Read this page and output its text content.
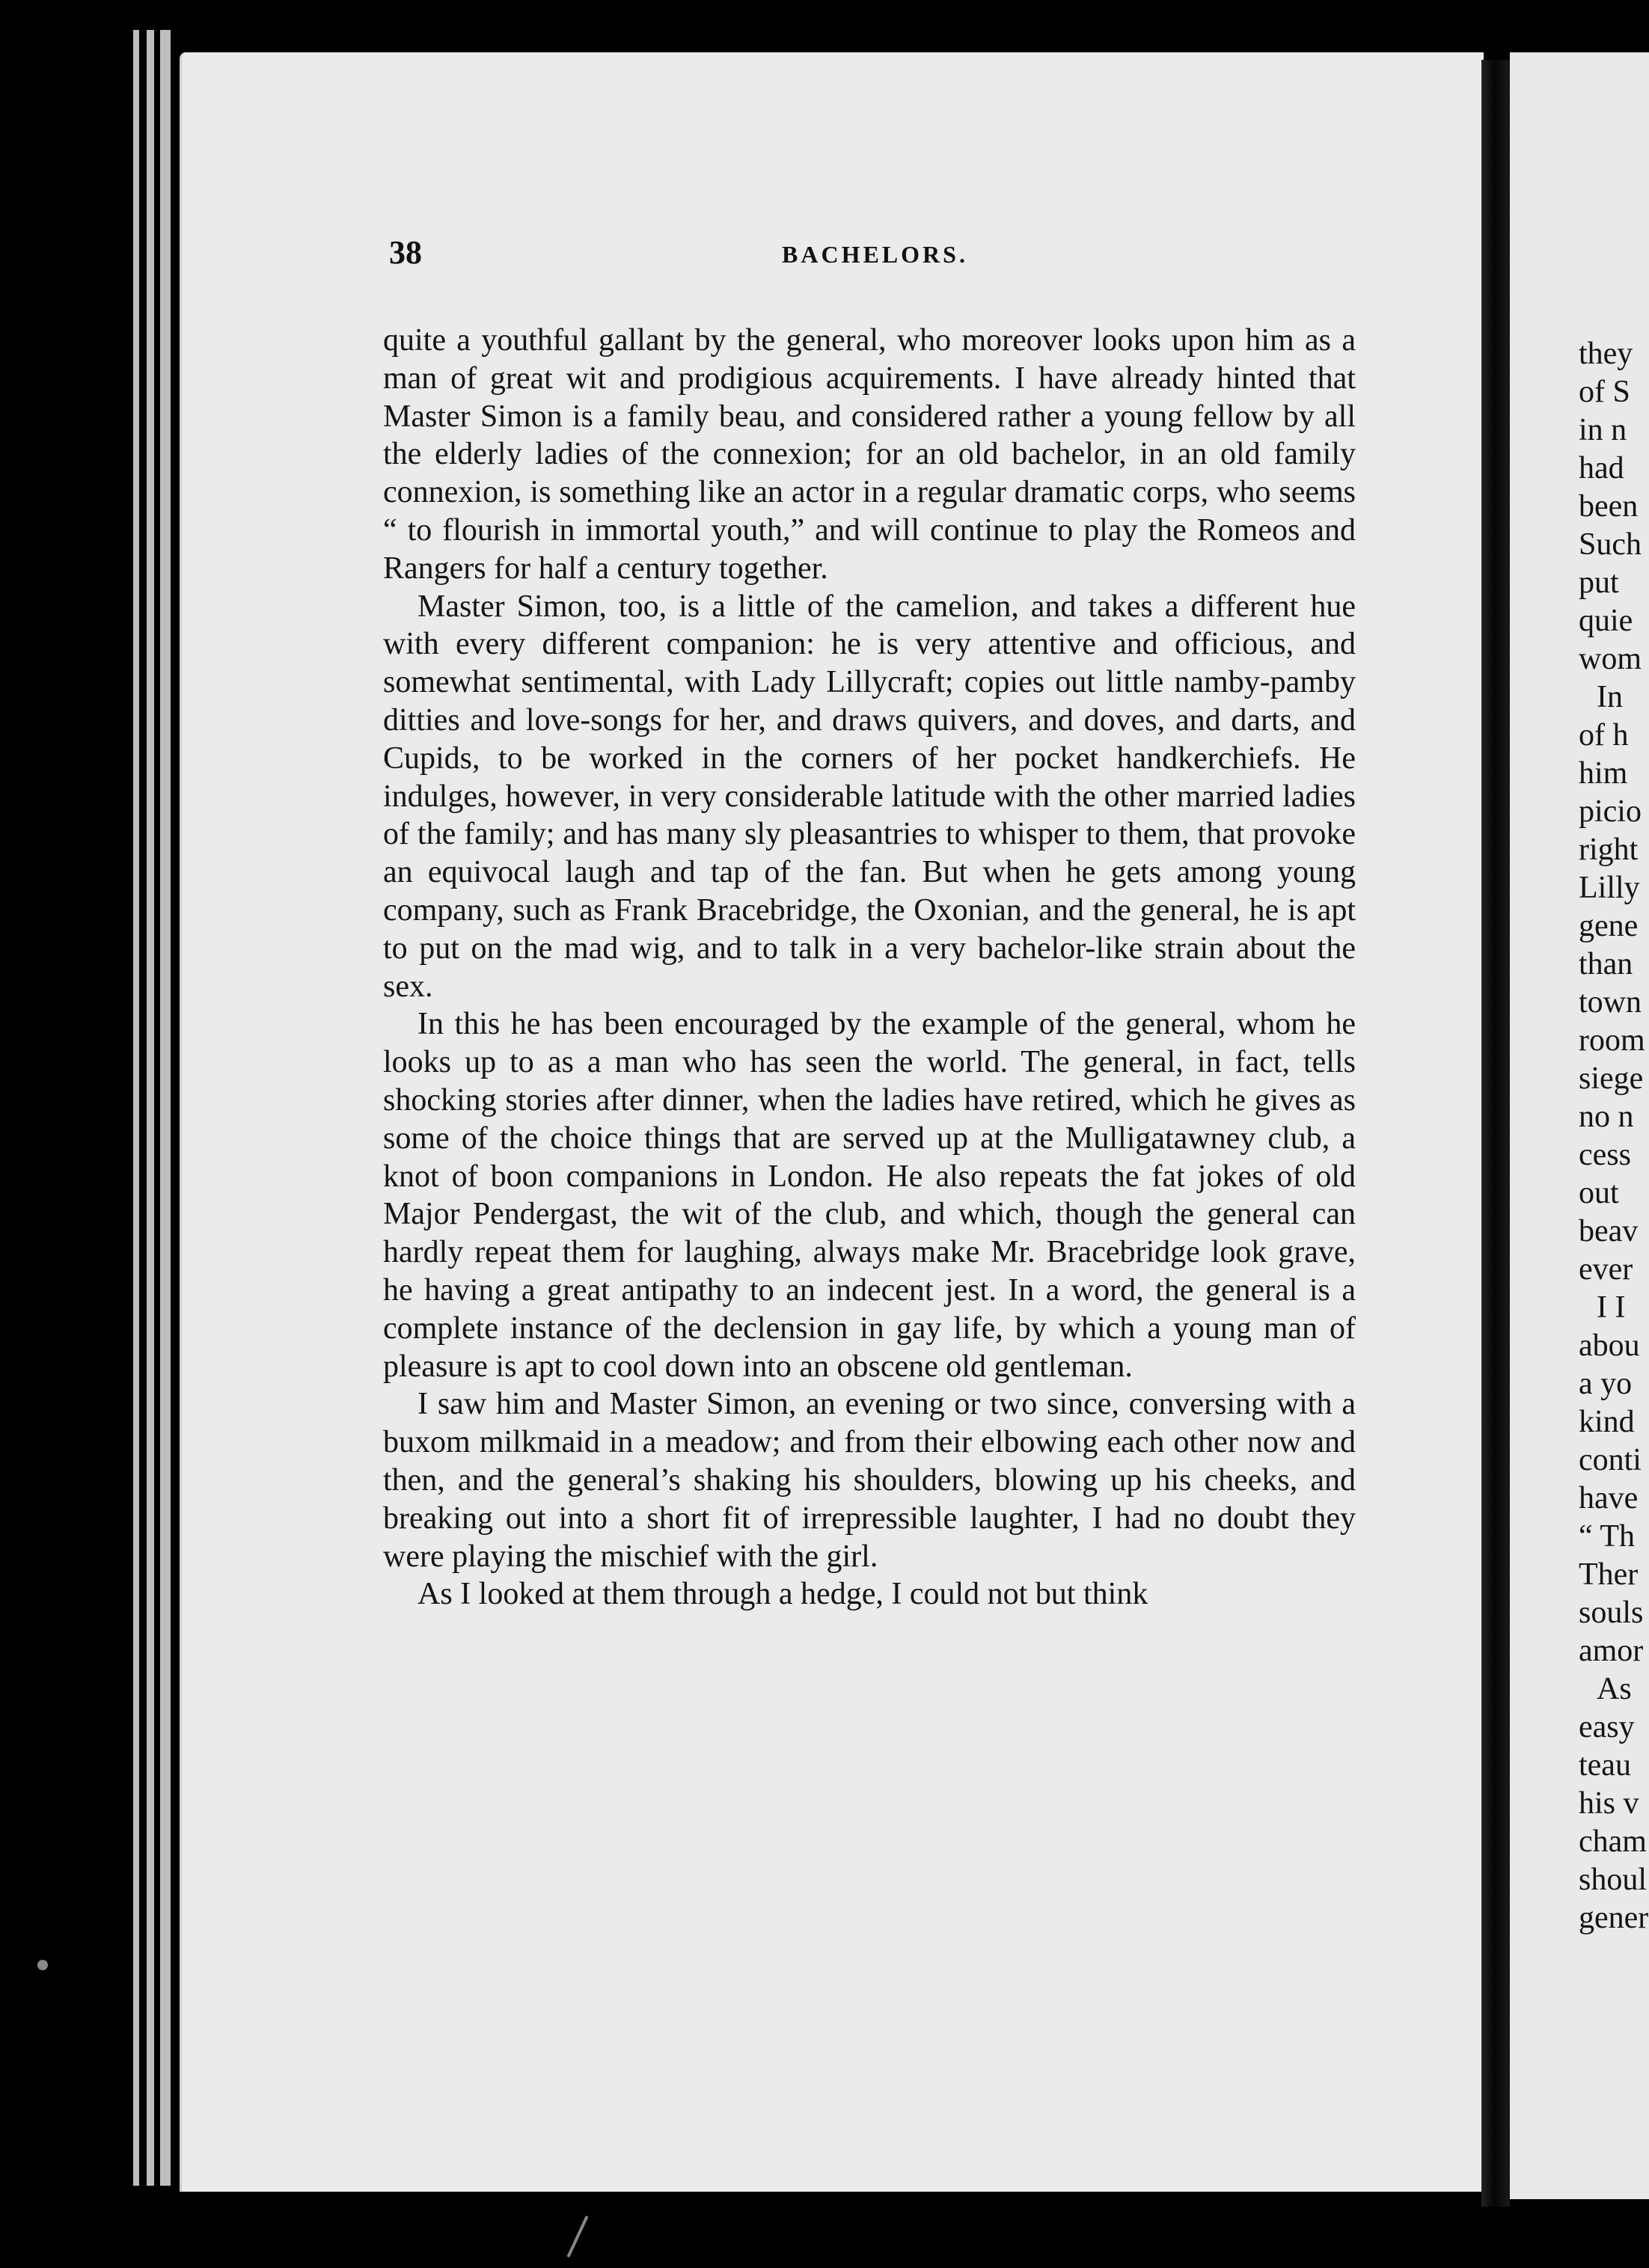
they
of S
in n
had
been
Such
put
quie
wom
In
of h
him
picio
right
Lilly
gene
than
town
room
siege
no n
cess
out
beav
ever
I I
abou
a yo
kind
conti
have
“ Th
Ther
souls
amor
As
easy
teau
his v
cham
shoul
gener
38	BACHELORS.

quite a youthful gallant by the general, who moreover looks upon him as a man of great wit and prodigious acquirements. I have already hinted that Master Simon is a family beau, and considered rather a young fellow by all the elderly ladies of the connexion; for an old bachelor, in an old family connexion, is something like an actor in a regular dramatic corps, who seems “ to flourish in immortal youth,” and will continue to play the Romeos and Rangers for half a century together.

Master Simon, too, is a little of the camelion, and takes a different hue with every different companion: he is very attentive and officious, and somewhat sentimental, with Lady Lillycraft; copies out little namby-pamby ditties and love-songs for her, and draws quivers, and doves, and darts, and Cupids, to be worked in the corners of her pocket handkerchiefs. He indulges, however, in very considerable latitude with the other married ladies of the family; and has many sly pleasantries to whisper to them, that provoke an equivocal laugh and tap of the fan. But when he gets among young company, such as Frank Bracebridge, the Oxonian, and the general, he is apt to put on the mad wig, and to talk in a very bachelor-like strain about the sex.

In this he has been encouraged by the example of the general, whom he looks up to as a man who has seen the world. The general, in fact, tells shocking stories after dinner, when the ladies have retired, which he gives as some of the choice things that are served up at the Mulligatawney club, a knot of boon companions in London. He also repeats the fat jokes of old Major Pendergast, the wit of the club, and which, though the general can hardly repeat them for laughing, always make Mr. Bracebridge look grave, he having a great antipathy to an indecent jest. In a word, the general is a complete instance of the declension in gay life, by which a young man of pleasure is apt to cool down into an obscene old gentleman.

I saw him and Master Simon, an evening or two since, conversing with a buxom milkmaid in a meadow; and from their elbowing each other now and then, and the general’s shaking his shoulders, blowing up his cheeks, and breaking out into a short fit of irrepressible laughter, I had no doubt they were playing the mischief with the girl.

As I looked at them through a hedge, I could not but think
